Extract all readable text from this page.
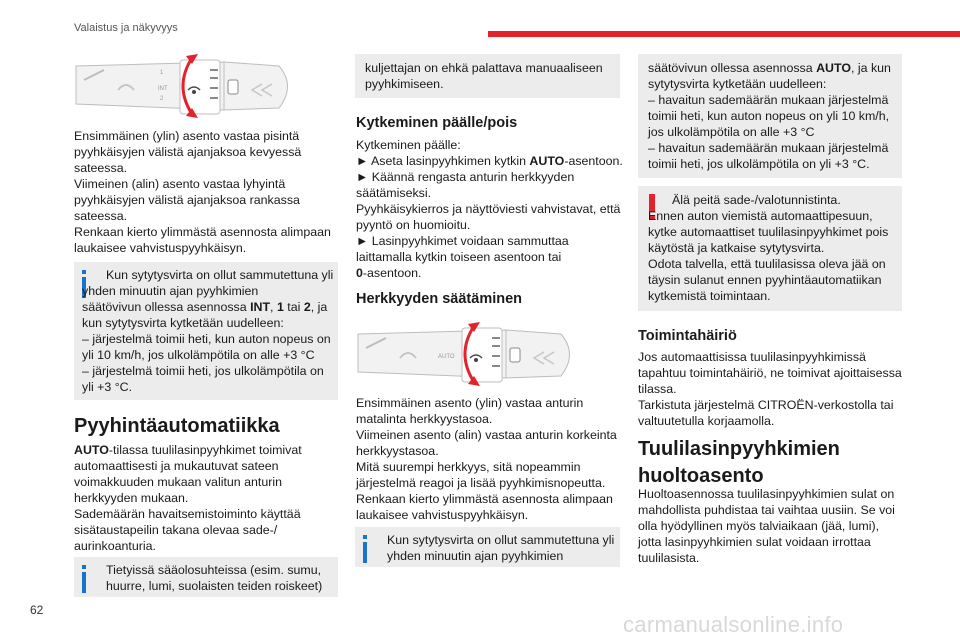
Valaistus ja näkyvyys
INT
1
2

Ensimmäinen (ylin) asento vastaa pisintä
pyyhkäisyjen välistä ajanjaksoa kevyessä
sateessa.
Viimeinen (alin) asento vastaa lyhyintä
pyyhkäisyjen välistä ajanjaksoa rankassa
sateessa.
Renkaan kierto ylimmästä asennosta alimpaan
laukaisee vahvistuspyyhkäisyn.

Kun sytytysvirta on ollut sammutettuna yli
yhden minuutin ajan pyyhkimien
säätövivun ollessa asennossa INT, 1 tai 2, ja
kun sytytysvirta kytketään uudelleen:
– järjestelmä toimii heti, kun auton nopeus on
yli 10 km/h, jos ulkolämpötila on alle +3 °C
– järjestelmä toimii heti, jos ulkolämpötila on
yli +3 °C.

Pyyhintäautomatiikka

AUTO-tilassa tuulilasinpyyhkimet toimivat
automaattisesti ja mukautuvat sateen
voimakkuuden mukaan valitun anturin
herkkyyden mukaan.
Sademäärän havaitsemistoiminto käyttää
sisätaustapeilin takana olevaa sade-/
aurinkoanturia.

Tietyissä sääolosuhteissa (esim. sumu,
huurre, lumi, suolaisten teiden roiskeet)

kuljettajan on ehkä palattava manuaaliseen
pyyhkimiseen.

Kytkeminen päälle/pois

Kytkeminen päälle:
► Aseta lasinpyyhkimen kytkin AUTO-asentoon.
► Käännä rengasta anturin herkkyyden
säätämiseksi.
Pyyhkäisykierros ja näyttöviesti vahvistavat, että
pyyntö on huomioitu.
► Lasinpyyhkimet voidaan sammuttaa
laittamalla kytkin toiseen asentoon tai
0-asentoon.

Herkkyyden säätäminen

AUTO

Ensimmäinen asento (ylin) vastaa anturin
matalinta herkkyystasoa.
Viimeinen asento (alin) vastaa anturin korkeinta
herkkyystasoa.
Mitä suurempi herkkyys, sitä nopeammin
järjestelmä reagoi ja lisää pyyhkimisnopeutta.
Renkaan kierto ylimmästä asennosta alimpaan
laukaisee vahvistuspyyhkäisyn.

Kun sytytysvirta on ollut sammutettuna yli
yhden minuutin ajan pyyhkimien

säätövivun ollessa asennossa AUTO, ja kun
sytytysvirta kytketään uudelleen:
– havaitun sademäärän mukaan järjestelmä
toimii heti, kun auton nopeus on yli 10 km/h,
jos ulkolämpötila on alle +3 °C
– havaitun sademäärän mukaan järjestelmä
toimii heti, jos ulkolämpötila on yli +3 °C.

Älä peitä sade-/valotunnistinta.
Ennen auton viemistä automaattipesuun,
kytke automaattiset tuulilasinpyyhkimet pois
käytöstä ja katkaise sytytysvirta.
Odota talvella, että tuulilasissa oleva jää on
täysin sulanut ennen pyyhintäautomatiikan
kytkemistä toimintaan.

Toimintahäiriö

Jos automaattisissa tuulilasinpyyhkimissä
tapahtuu toimintahäiriö, ne toimivat ajoittaisessa
tilassa.
Tarkistuta järjestelmä CITROËN-verkostolla tai
valtuutetulla korjaamolla.

Tuulilasinpyyhkimien
huoltoasento

Huoltoasennossa tuulilasinpyyhkimien sulat on
mahdollista puhdistaa tai vaihtaa uusiin. Se voi
olla hyödyllinen myös talviaikaan (jää, lumi),
jotta lasinpyyhkimien sulat voidaan irrottaa
tuulilasista.

62
carmanualsonline.info
